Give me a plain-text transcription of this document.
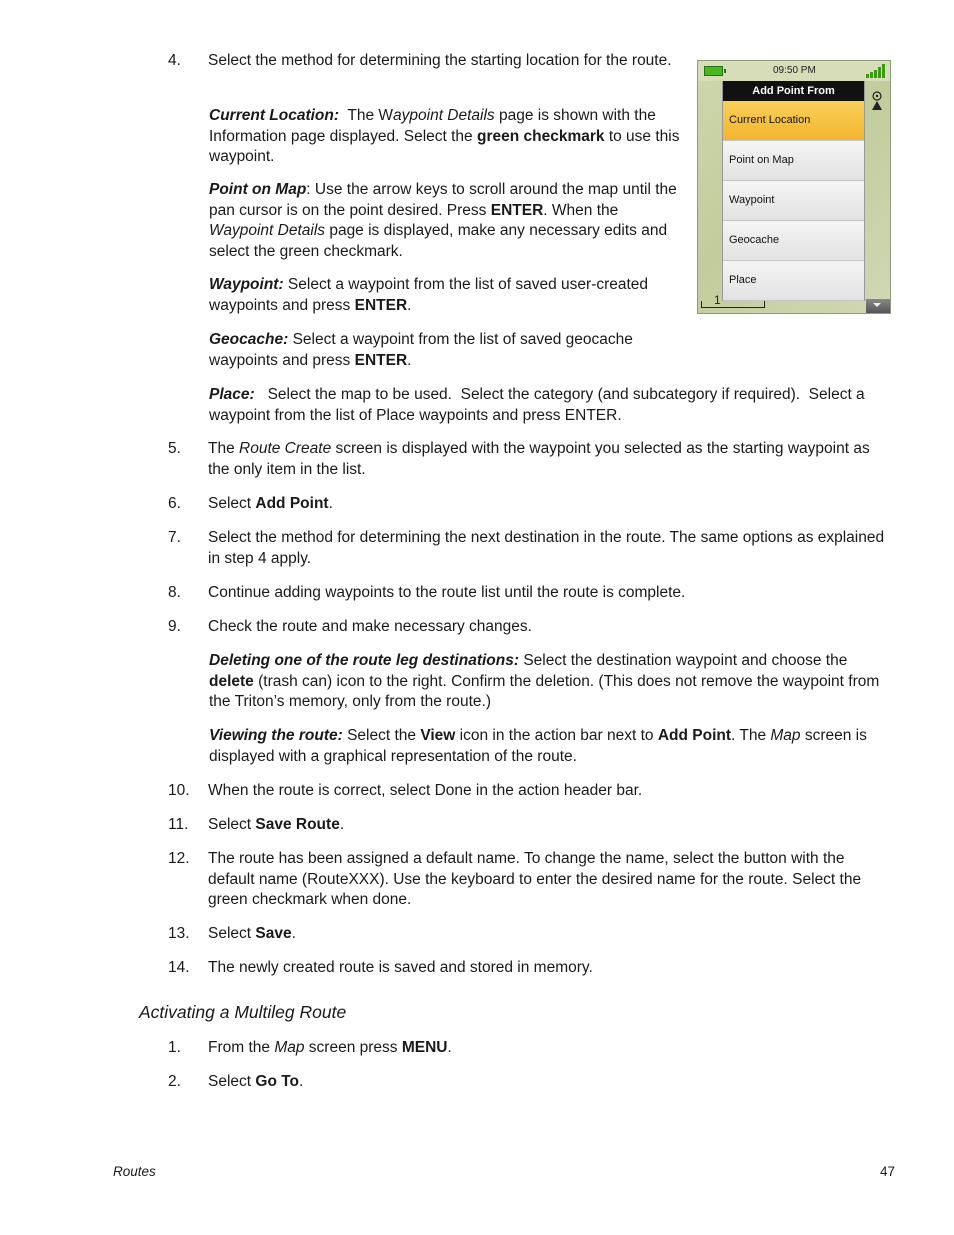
09:50 PM
Add Point From
Current Location
Point on Map
Waypoint
Geocache
Place
1
4. Select the method for determining the starting location for the route.
Current Location:  The Waypoint Details page is shown with the Information page displayed. Select the green checkmark to use this waypoint.
Point on Map: Use the arrow keys to scroll around the map until the pan cursor is on the point desired. Press ENTER. When the Waypoint Details page is displayed, make any necessary edits and select the green checkmark.
Waypoint: Select a waypoint from the list of saved user-created waypoints and press ENTER.
Geocache: Select a waypoint from the list of saved geocache waypoints and press ENTER.
Place:   Select the map to be used.  Select the category (and subcategory if required).  Select a waypoint from the list of Place waypoints and press ENTER.
5. The Route Create screen is displayed with the waypoint you selected as the starting waypoint as the only item in the list.
6. Select Add Point.
7. Select the method for determining the next destination in the route. The same options as explained in step 4 apply.
8. Continue adding waypoints to the route list until the route is complete.
9. Check the route and make necessary changes.
Deleting one of the route leg destinations: Select the destination waypoint and choose the delete (trash can) icon to the right. Confirm the deletion. (This does not remove the waypoint from the Triton’s memory, only from the route.)
Viewing the route: Select the View icon in the action bar next to Add Point. The Map screen is displayed with a graphical representation of the route.
10. When the route is correct, select Done in the action header bar.
11. Select Save Route.
12. The route has been assigned a default name. To change the name, select the button with the default name (RouteXXX). Use the keyboard to enter the desired name for the route. Select the green checkmark when done.
13. Select Save.
14. The newly created route is saved and stored in memory.
Activating a Multileg Route
1. From the Map screen press MENU.
2. Select Go To.
Routes	47
